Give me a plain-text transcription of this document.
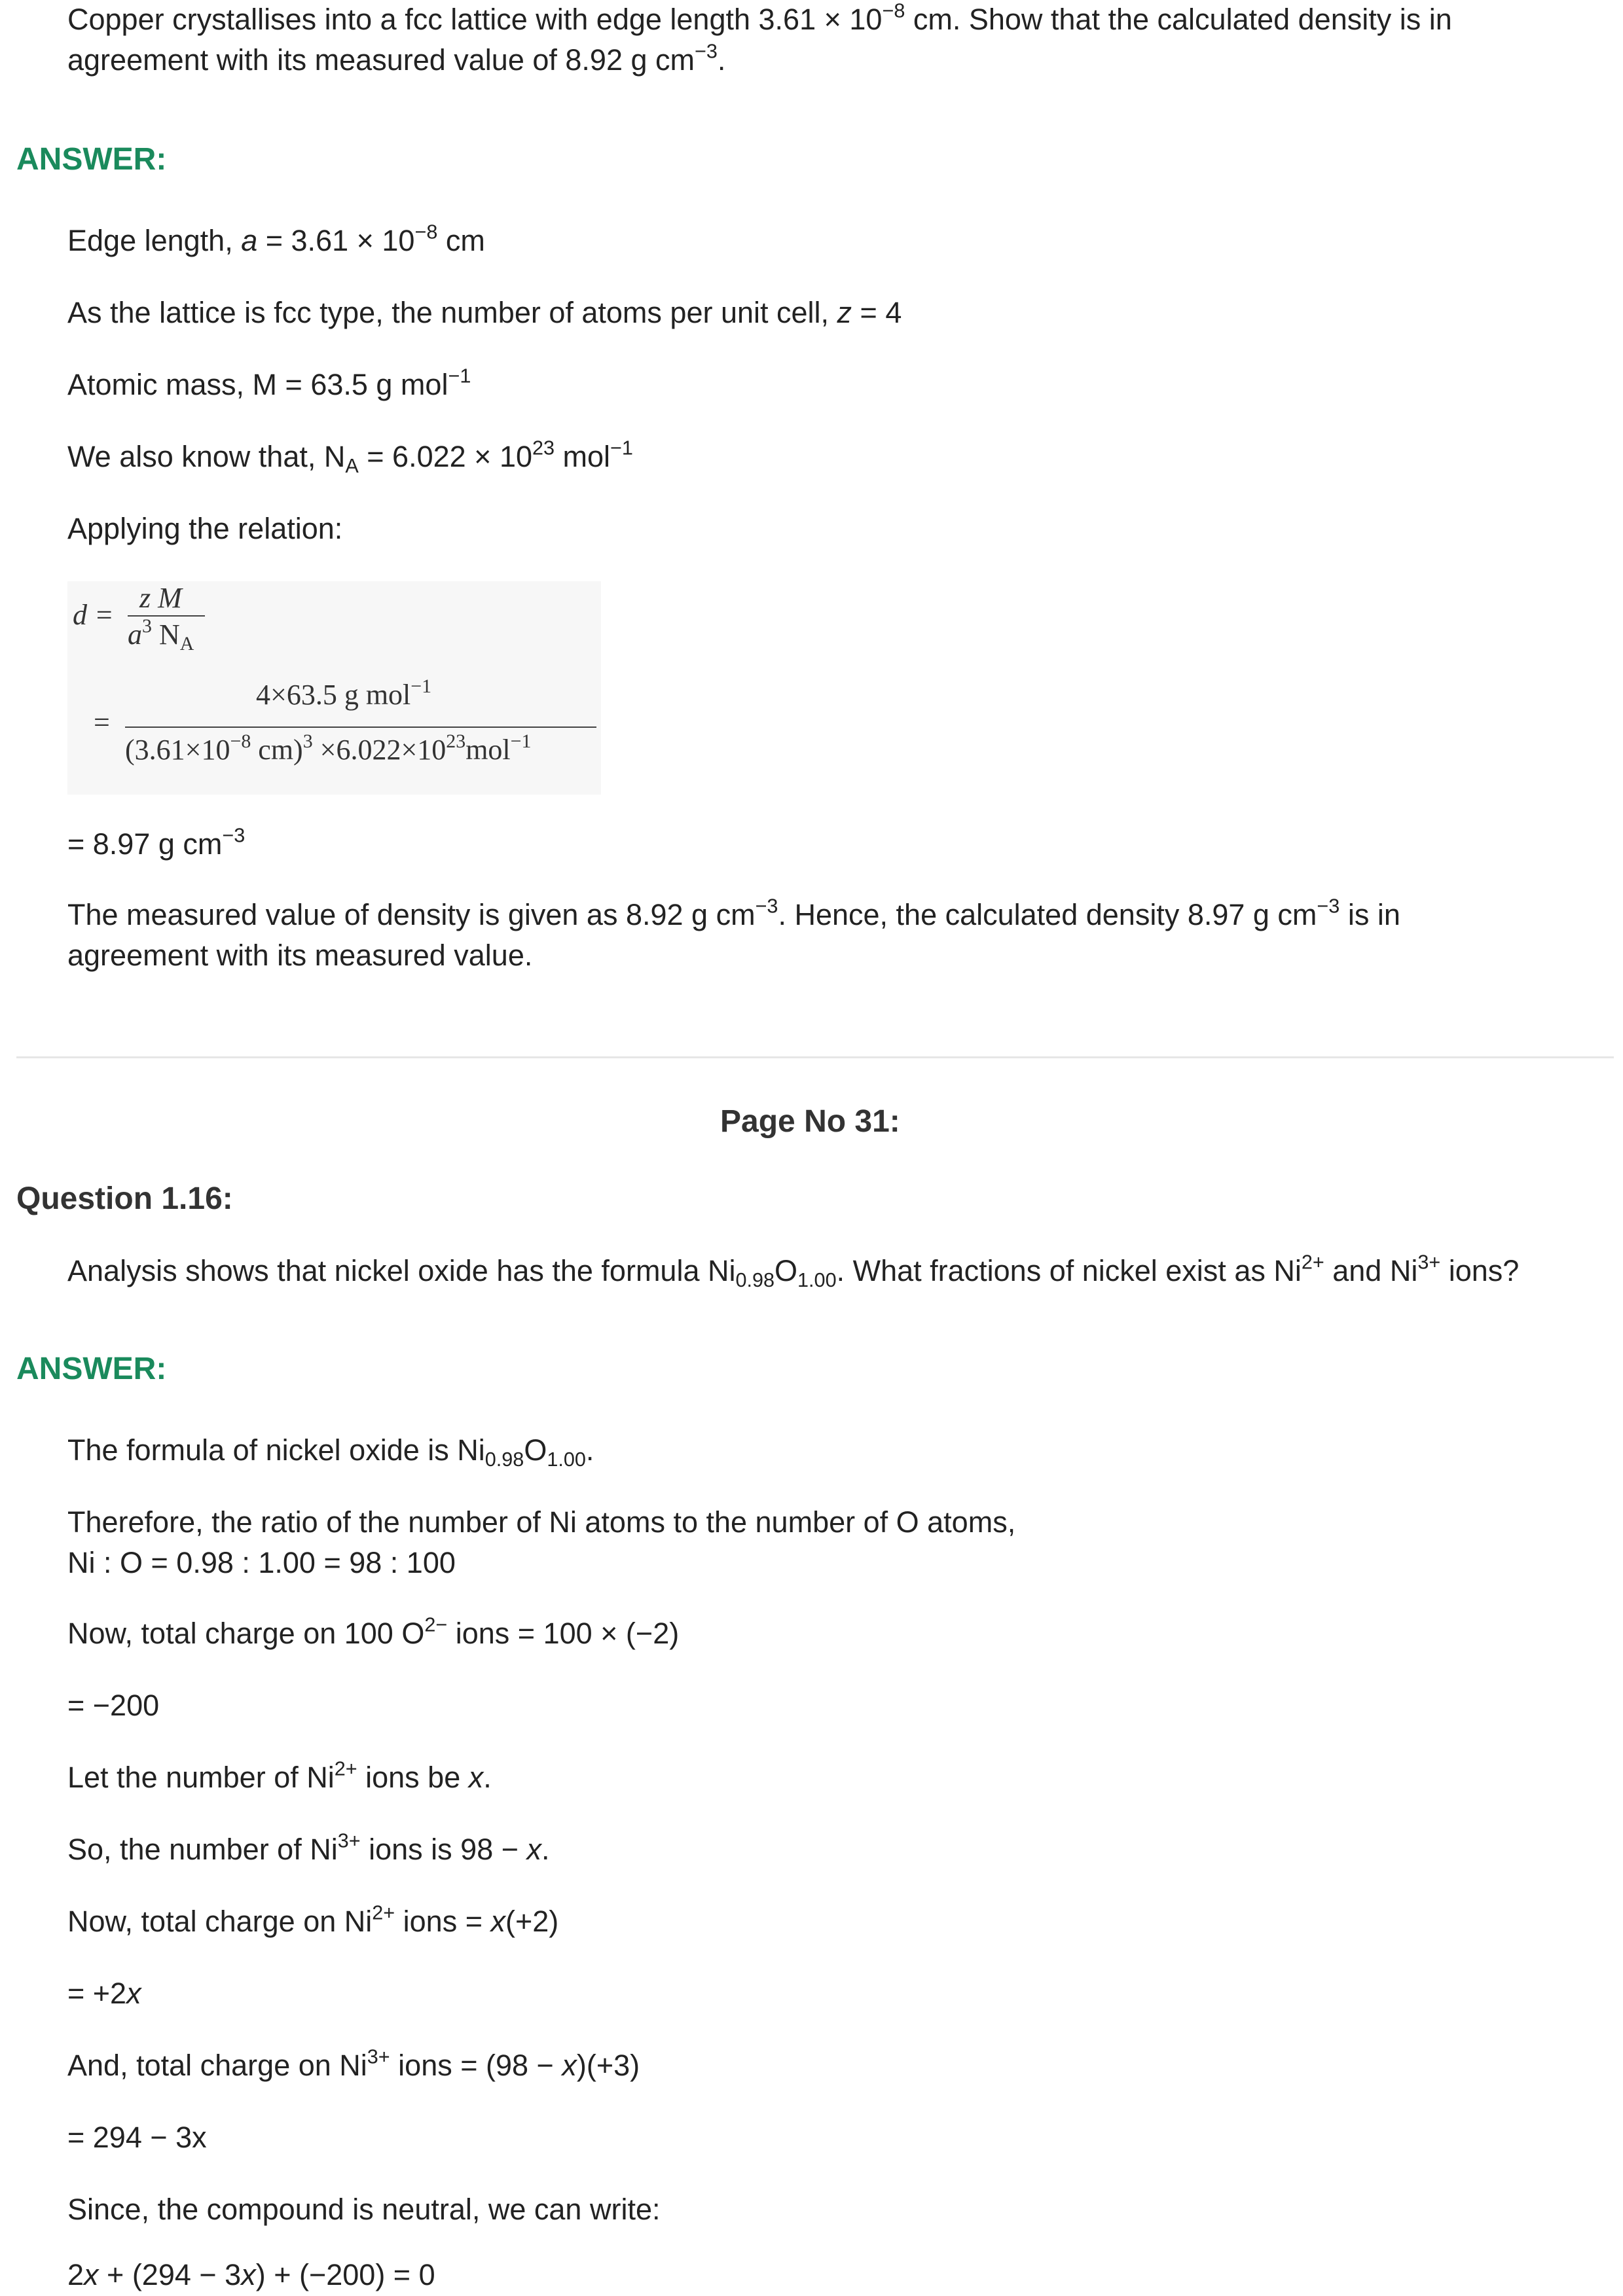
Copper crystallises into a fcc lattice with edge length $3.61 \times 10^{-8}$ cm. Show that the calculated density is in
agreement with its measured value of 8.92 g $cm^{-3}$.
ANSWER:
Edge length, $a = 3.61 \times 10^{-8}$ cm
As the lattice is fcc type, the number of atoms per unit cell, z = 4
Atomic mass, M = 63.5 g mol$^{-1}$
We also know that, $N_A = 6.022 \times 10^{23}$ mol$^{-1}$
Applying the relation:
d =
z M
$a^3$ $N_A$
=
4×63.5 g mol$^{-1}$
($3.61\times 10^{-8}$ $cm)^3 \times 6.022\times 10^{23}mol^{-1}$
= 8.97 g $cm^{-3}$
The measured value of density is given as 8.92 g $cm^{-3}$. Hence, the calculated density 8.97 g $cm^{-3}$ is in
agreement with its measured value.
Page No 31:
Question 1.16:
Analysis shows that nickel oxide has the formula $Ni_{0.98}O_{1.00}$. What fractions of nickel exist as $Ni^{2+}$ and $Ni^{3+}$ ions?
ANSWER:
The formula of nickel oxide is $Ni_{0.98}O_{1.00}$.
Therefore, the ratio of the number of Ni atoms to the number of O atoms,
Ni : O = 0.98 : 1.00 = 98 : 100
Now, total charge on 100 $O^{2-}$ ions = 100 × (−2)
= −200
Let the number of $Ni^{2+}$ ions be x.
So, the number of $Ni^{3+}$ ions is 98 − x.
Now, total charge on $Ni^{2+}$ ions = x(+2)
= +2x
And, total charge on $Ni^{3+}$ ions = (98 − x)(+3)
= 294 − 3x
Since, the compound is neutral, we can write:
2x + (294 − 3x) + (−200) = 0
